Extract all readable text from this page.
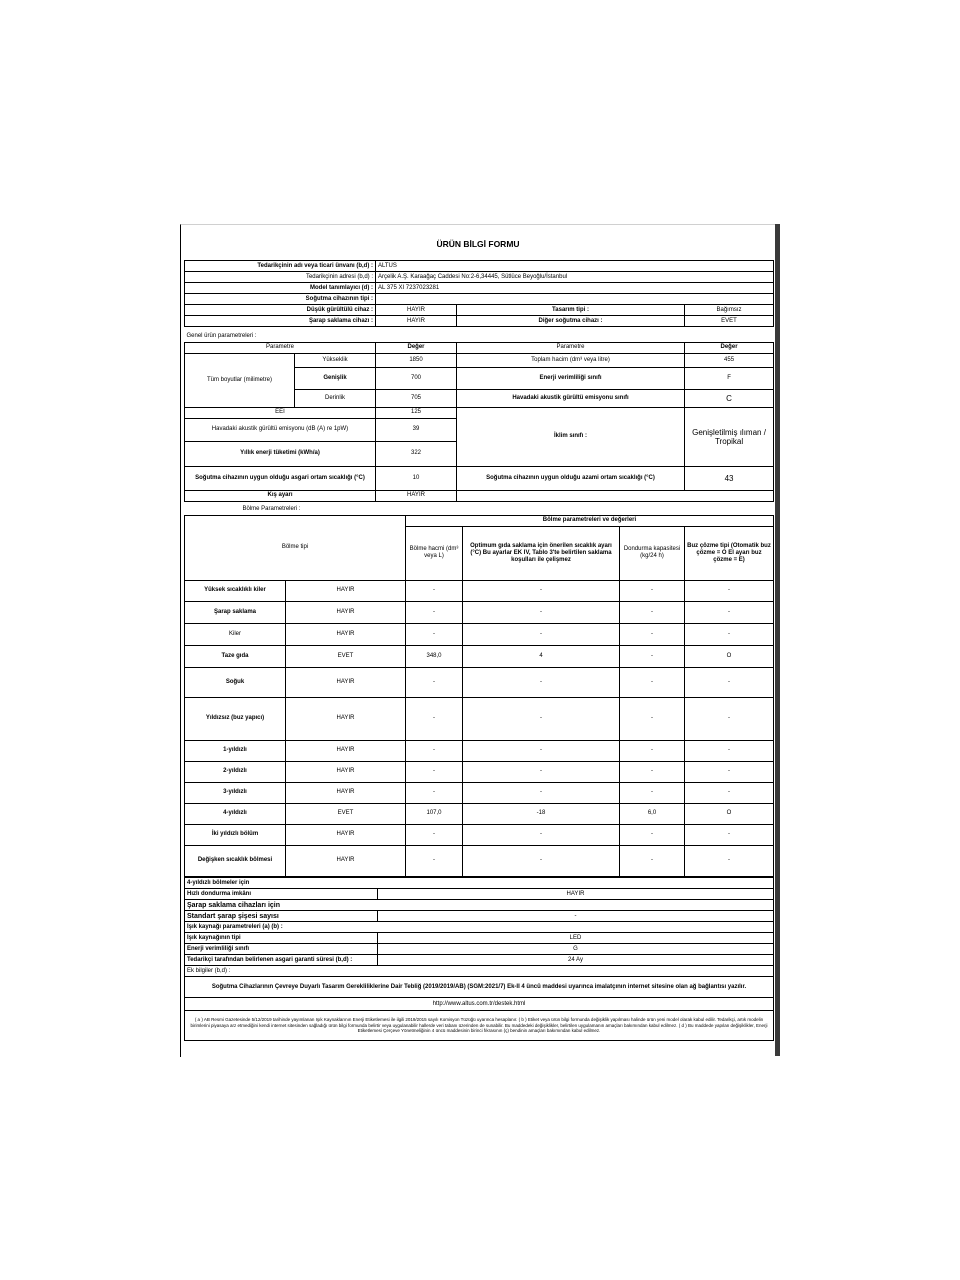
ÜRÜN BİLGİ FORMU
Tedarikçinin adı veya ticari ünvanı (b,d) :	ALTUS		
Tedarikçinin adresi (b,d) :	Arçelik A.Ş. Karaağaç Caddesi No:2-6,34445, Sütlüce Beyoğlu/İstanbul		
Model tanımlayıcı (d) :	AL 375 XI 7237023281		
Soğutma cihazının tipi :			
Düşük gürültülü cihaz :	HAYIR	Tasarım tipi :	Bağımsız
Şarap saklama cihazı :	HAYIR	Diğer soğutma cihazı :	EVET
Genel ürün parametreleri :				
Parametre		Değer	Parametre	Değer
Tüm boyutlar (milimetre)	Yükseklik	1850	Toplam hacim (dm³ veya litre)	455
	Genişlik	700	Enerji verimliliği sınıfı	F
	Derinlik	705	Havadaki akustik gürültü emisyonu sınıfı	C
EEI		125	İklim sınıfı :	Genişletilmiş ılıman / Tropikal
Havadaki akustik gürültü emisyonu (dB (A) re 1pW)		39		
Yıllık enerji tüketimi (kWh/a)		322		
Soğutma cihazının uygun olduğu asgari ortam sıcaklığı (°C)		10	Soğutma cihazının uygun olduğu azami ortam sıcaklığı (°C)	43
Kış ayarı		HAYIR		
Bölme Parametreleri :					
Bölme tipi		Bölme parametreleri ve değerleri			
		Bölme hacmi (dm³ veya L)	Optimum gıda saklama için önerilen sıcaklık ayarı (°C) Bu ayarlar EK IV, Tablo 3'te belirtilen saklama koşulları ile çelişmez	Dondurma kapasitesi (kg/24 h)	Buz çözme tipi (Otomatik buz çözme = O El ayarı buz çözme = E)
Yüksek sıcaklıklı kiler	HAYIR	-	-	-	-
Şarap saklama	HAYIR	-	-	-	-
Kiler	HAYIR	-	-	-	-
Taze gıda	EVET	348,0	4	-	O
Soğuk	HAYIR	-	-	-	-
Yıldızsız (buz yapıcı)	HAYIR	-	-	-	-
1-yıldızlı	HAYIR	-	-	-	-
2-yıldızlı	HAYIR	-	-	-	-
3-yıldızlı	HAYIR	-	-	-	-
4-yıldızlı	EVET	107,0	-18	6,0	O
İki yıldızlı bölüm	HAYIR	-	-	-	-
Değişken sıcaklık bölmesi	HAYIR	-	-	-	-
4-yıldızlı bölmeler için	
Hızlı dondurma imkânı	HAYIR
Şarap saklama cihazları için	
Standart şarap şişesi sayısı	-
Işık kaynağı parametreleri (a) (b) :	
Işık kaynağının tipi	LED
Enerji verimliliği sınıfı	G
Tedarikçi tarafından belirlenen asgari garanti süresi (b,d) :	24 Ay
Ek bilgiler (b,d) :	
Soğutma Cihazlarının Çevreye Duyarlı Tasarım Gerekliliklerine Dair Tebliğ (2019/2019/AB) (SGM:2021/7) Ek-II 4 üncü maddesi uyarınca imalatçının internet sitesine olan ağ bağlantısı yazılır.	
http://www.altus.com.tr/destek.html	
( a ) AB Resmi Gazetesinde 5/12/2019 tarihinde yayımlanan Işık Kaynaklarının Enerji Etiketlemesi ile ilgili 2019/2015 sayılı Komisyon Tüzüğü uyarınca hesaplanır. ( b ) Etiket veya ürün bilgi formunda değişiklik yapılması halinde ürün yeni model olarak kabul edilir. Tedarikçi, artık modelin birimlerini piyasaya arz etmediğini kendi internet sitesinden sağladığı ürün bilgi formunda belirtir veya uygulanabilir hallerde veri tabanı üzerinden de sunabilir. Bu maddedeki değişiklikler, belirtilen uygulamanın amaçları bakımından kabul edilmez. ( d ) Bu maddede yapılan değişiklikler, Enerji Etiketlemesi Çerçeve Yönetmeliğinin 4 üncü maddesinin birinci fıkrasının (ç) bendinin amaçları bakımından kabul edilmez.	
